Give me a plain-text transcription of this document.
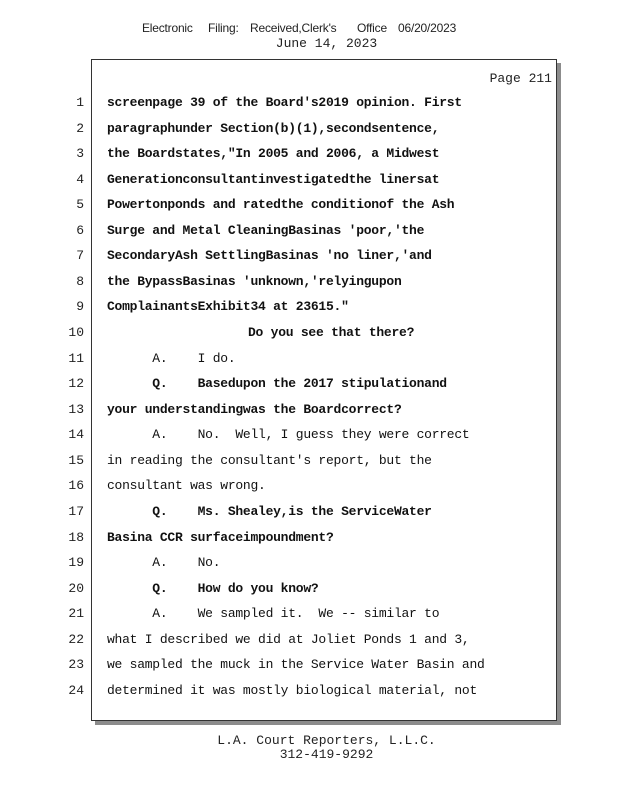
Electronic Filing: Received,Clerk's Office 06/20/2023
June 14, 2023
Page 211
1
2
3
4
5
6
7
8
9
10
11
12
13
14
15
16
17
18
19
20
21
22
23
24
screenpage 39 of the Board's2019 opinion. First
paragraphunder Section(b)(1),secondsentence,
the Boardstates,"In 2005 and 2006, a Midwest
Generationconsultantinvestigatedthe linersat
Powertonponds and ratedthe conditionof the Ash
Surge and Metal CleaningBasinas 'poor,'the
SecondaryAsh SettlingBasinas 'no liner,'and
the BypassBasinas 'unknown,'relyingupon
ComplainantsExhibit34 at 23615."
Do you see that there?
A.    I do.
Q.    Basedupon the 2017 stipulationand
your understandingwas the Boardcorrect?
A.    No.  Well, I guess they were correct
in reading the consultant's report, but the
consultant was wrong.
Q.    Ms. Shealey,is the ServiceWater
Basina CCR surfaceimpoundment?
A.    No.
Q.    How do you know?
A.    We sampled it.  We -- similar to
what I described we did at Joliet Ponds 1 and 3,
we sampled the muck in the Service Water Basin and
determined it was mostly biological material, not
L.A. Court Reporters, L.L.C.
312-419-9292
